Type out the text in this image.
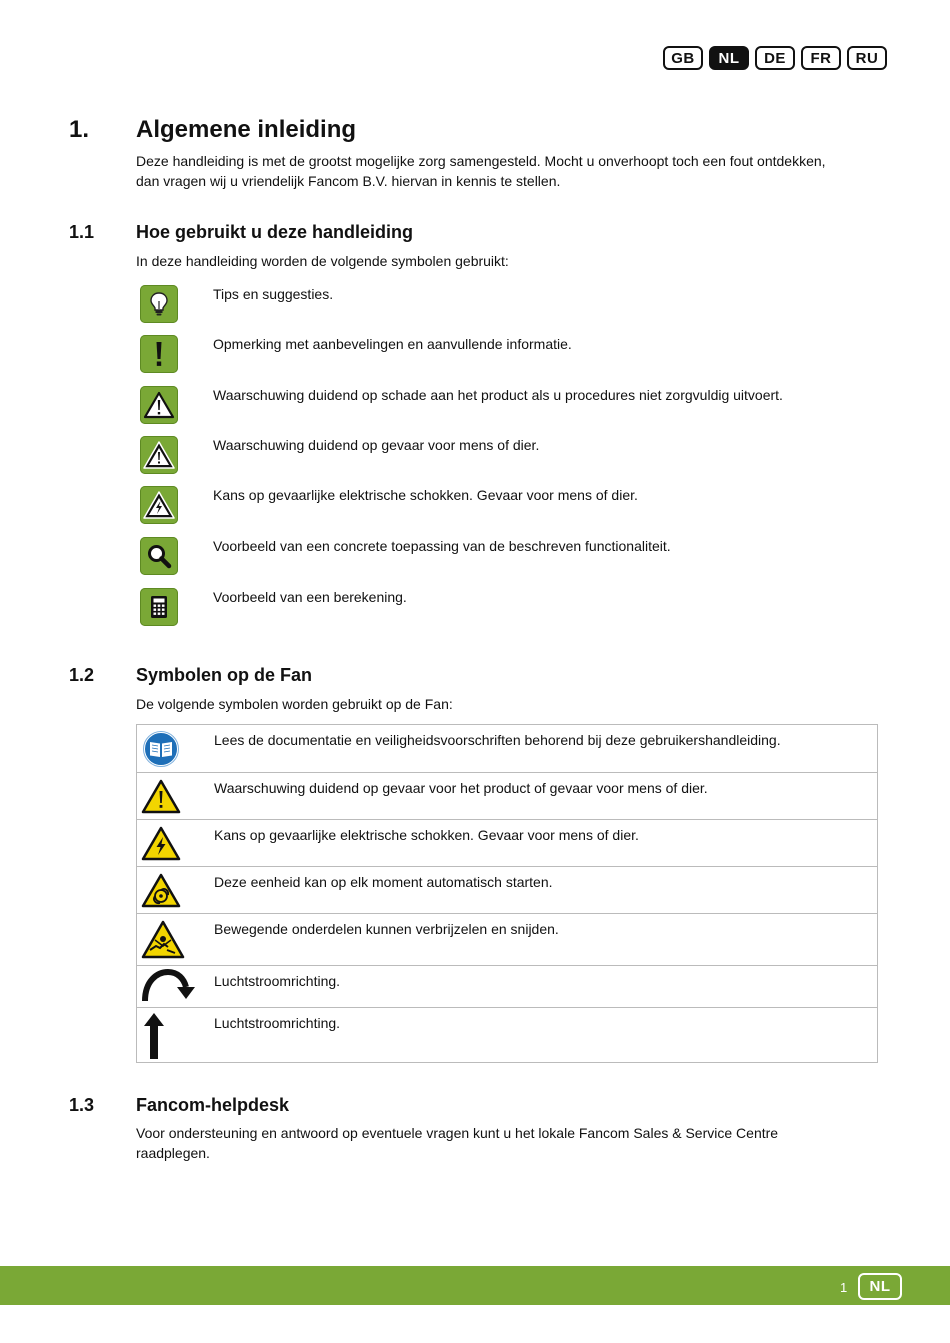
GB	NL	DE	FR	RU
1. Algemene inleiding
Deze handleiding is met de grootst mogelijke zorg samengesteld. Mocht u onverhoopt toch een fout ontdekken,
dan vragen wij u vriendelijk Fancom B.V. hiervan in kennis te stellen.
1.1 Hoe gebruikt u deze handleiding
In deze handleiding worden de volgende symbolen gebruikt:
Tips en suggesties.
Opmerking met aanbevelingen en aanvullende informatie.
Waarschuwing duidend op schade aan het product als u procedures niet zorgvuldig uitvoert.
Waarschuwing duidend op gevaar voor mens of dier.
Kans op gevaarlijke elektrische schokken. Gevaar voor mens of dier.
Voorbeeld van een concrete toepassing van de beschreven functionaliteit.
Voorbeeld van een berekening.
1.2 Symbolen op de Fan
De volgende symbolen worden gebruikt op de Fan:
Lees de documentatie en veiligheidsvoorschriften behorend bij deze gebruikershandleiding.
Waarschuwing duidend op gevaar voor het product of gevaar voor mens of dier.
Kans op gevaarlijke elektrische schokken. Gevaar voor mens of dier.
Deze eenheid kan op elk moment automatisch starten.
Bewegende onderdelen kunnen verbrijzelen en snijden.
Luchtstroomrichting.
Luchtstroomrichting.
1.3 Fancom-helpdesk
Voor ondersteuning en antwoord op eventuele vragen kunt u het lokale Fancom Sales & Service Centre
raadplegen.
1	NL
